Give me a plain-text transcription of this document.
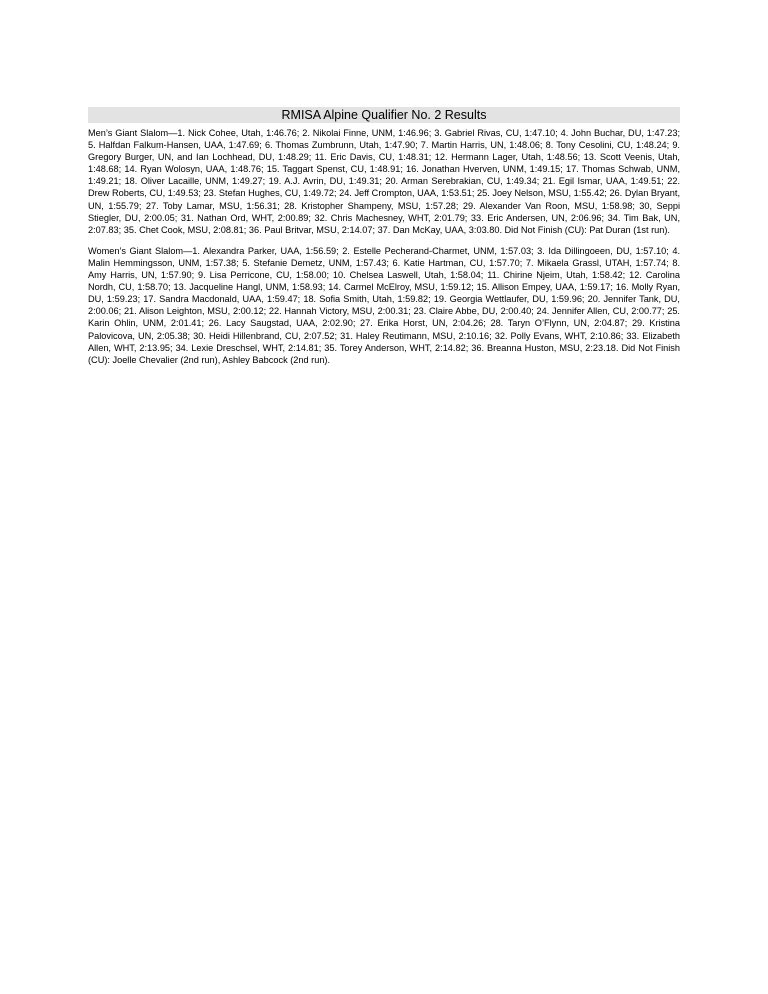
RMISA Alpine Qualifier No. 2 Results

Men’s Giant Slalom—1. Nick Cohee, Utah, 1:46.76; 2. Nikolai Finne, UNM, 1:46.96; 3. Gabriel Rivas, CU, 1:47.10; 4. John Buchar, DU, 1:47.23; 5. Halfdan Falkum-Hansen, UAA, 1:47.69; 6. Thomas Zumbrunn, Utah, 1:47.90; 7. Martin Harris, UN, 1:48.06; 8. Tony Cesolini, CU, 1:48.24; 9. Gregory Burger, UN, and Ian Lochhead, DU, 1:48.29; 11. Eric Davis, CU, 1:48.31; 12. Hermann Lager, Utah, 1:48.56; 13. Scott Veenis, Utah, 1:48.68; 14. Ryan Wolosyn, UAA, 1:48.76; 15. Taggart Spenst, CU, 1:48.91; 16. Jonathan Hverven, UNM, 1:49.15; 17. Thomas Schwab, UNM, 1:49.21; 18. Oliver Lacaille, UNM, 1:49.27; 19. A.J. Avrin, DU, 1:49.31; 20. Arman Serebrakian, CU, 1:49.34; 21. Egil Ismar, UAA, 1:49.51; 22. Drew Roberts, CU, 1:49.53; 23. Stefan Hughes, CU, 1:49.72; 24. Jeff Crompton, UAA, 1:53.51; 25. Joey Nelson, MSU, 1:55.42; 26. Dylan Bryant, UN, 1:55.79; 27. Toby Lamar, MSU, 1:56.31; 28. Kristopher Shampeny, MSU, 1:57.28; 29. Alexander Van Roon, MSU, 1:58.98; 30, Seppi Stiegler, DU, 2:00.05; 31. Nathan Ord, WHT, 2:00.89; 32. Chris Machesney, WHT, 2:01.79; 33. Eric Andersen, UN, 2:06.96; 34. Tim Bak, UN, 2:07.83; 35. Chet Cook, MSU, 2:08.81; 36. Paul Britvar, MSU, 2:14.07; 37. Dan McKay, UAA, 3:03.80. Did Not Finish (CU): Pat Duran (1st run).

Women’s Giant Slalom—1. Alexandra Parker, UAA, 1:56.59; 2. Estelle Pecherand-Charmet, UNM, 1:57.03; 3. Ida Dillingoeen, DU, 1:57.10; 4. Malin Hemmingsson, UNM, 1:57.38; 5. Stefanie Demetz, UNM, 1:57.43; 6. Katie Hartman, CU, 1:57.70; 7. Mikaela Grassl, UTAH, 1:57.74; 8. Amy Harris, UN, 1:57.90; 9. Lisa Perricone, CU, 1:58.00; 10. Chelsea Laswell, Utah, 1:58.04; 11. Chirine Njeim, Utah, 1:58.42; 12. Carolina Nordh, CU, 1:58.70; 13. Jacqueline Hangl, UNM, 1:58.93; 14. Carmel McElroy, MSU, 1:59.12; 15. Allison Empey, UAA, 1:59.17; 16. Molly Ryan, DU, 1:59.23; 17. Sandra Macdonald, UAA, 1:59.47; 18. Sofia Smith, Utah, 1:59.82; 19. Georgia Wettlaufer, DU, 1:59.96; 20. Jennifer Tank, DU, 2:00.06; 21. Alison Leighton, MSU, 2:00.12; 22. Hannah Victory, MSU, 2:00.31; 23. Claire Abbe, DU, 2:00.40; 24. Jennifer Allen, CU, 2:00.77; 25. Karin Ohlin, UNM, 2:01.41; 26. Lacy Saugstad, UAA, 2:02.90; 27. Erika Horst, UN, 2:04.26; 28. Taryn O’Flynn, UN, 2:04.87; 29. Kristina Palovicova, UN, 2:05.38; 30. Heidi Hillenbrand, CU, 2:07.52; 31. Haley Reutimann, MSU, 2:10.16; 32. Polly Evans, WHT, 2:10.86; 33. Elizabeth Allen, WHT, 2:13.95; 34. Lexie Dreschsel, WHT, 2:14.81; 35. Torey Anderson, WHT, 2:14.82; 36. Breanna Huston, MSU, 2:23.18. Did Not Finish (CU): Joelle Chevalier (2nd run), Ashley Babcock (2nd run).
